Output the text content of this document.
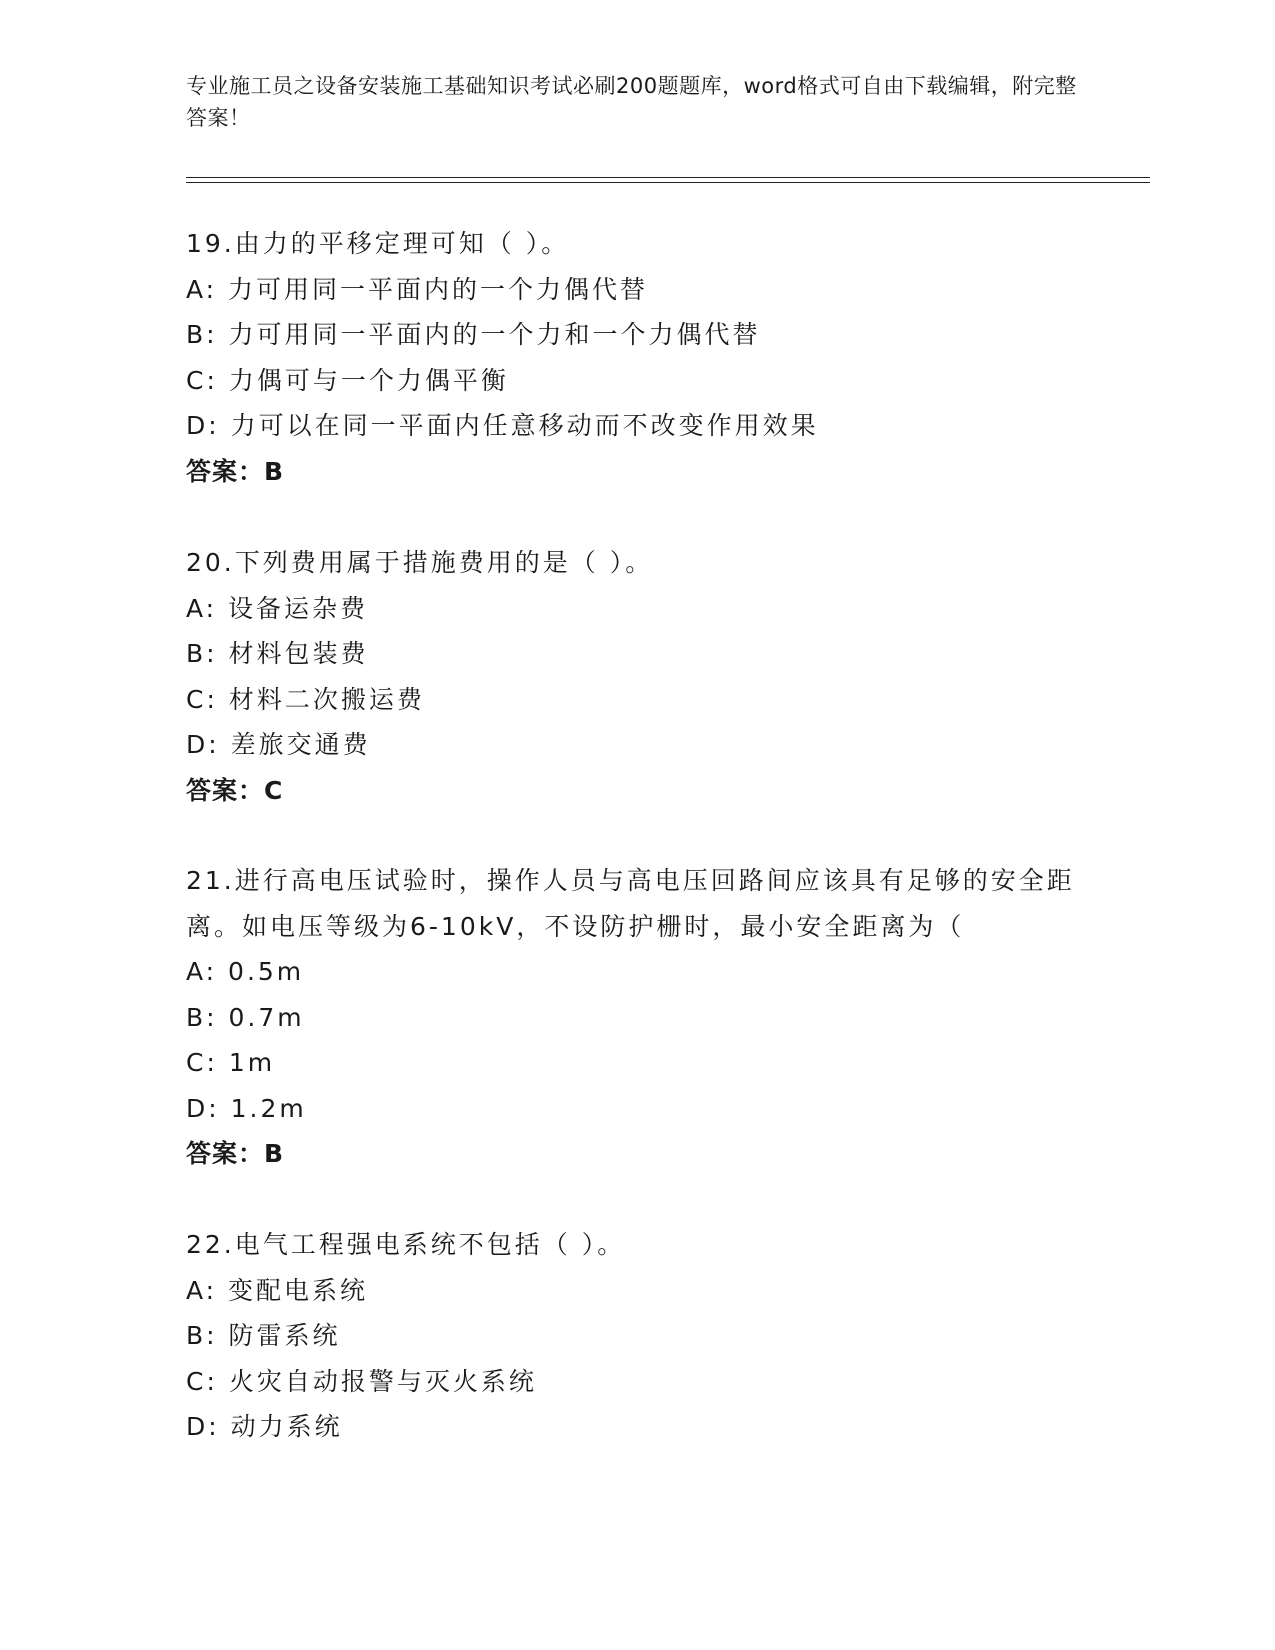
专业施工员之设备安装施工基础知识考试必刷200题题库，word格式可自由下载编辑，附完整答案！
19.由力的平移定理可知（ ）。
A: 力可用同一平面内的一个力偶代替
B: 力可用同一平面内的一个力和一个力偶代替
C: 力偶可与一个力偶平衡
D: 力可以在同一平面内任意移动而不改变作用效果
答案：B
20.下列费用属于措施费用的是（ ）。
A: 设备运杂费
B: 材料包装费
C: 材料二次搬运费
D: 差旅交通费
答案：C
21.进行高电压试验时，操作人员与高电压回路间应该具有足够的安全距离。如电压等级为6-10kV，不设防护栅时，最小安全距离为（
A: 0.5m
B: 0.7m
C: 1m
D: 1.2m
答案：B
22.电气工程强电系统不包括（ ）。
A: 变配电系统
B: 防雷系统
C: 火灾自动报警与灭火系统
D: 动力系统
